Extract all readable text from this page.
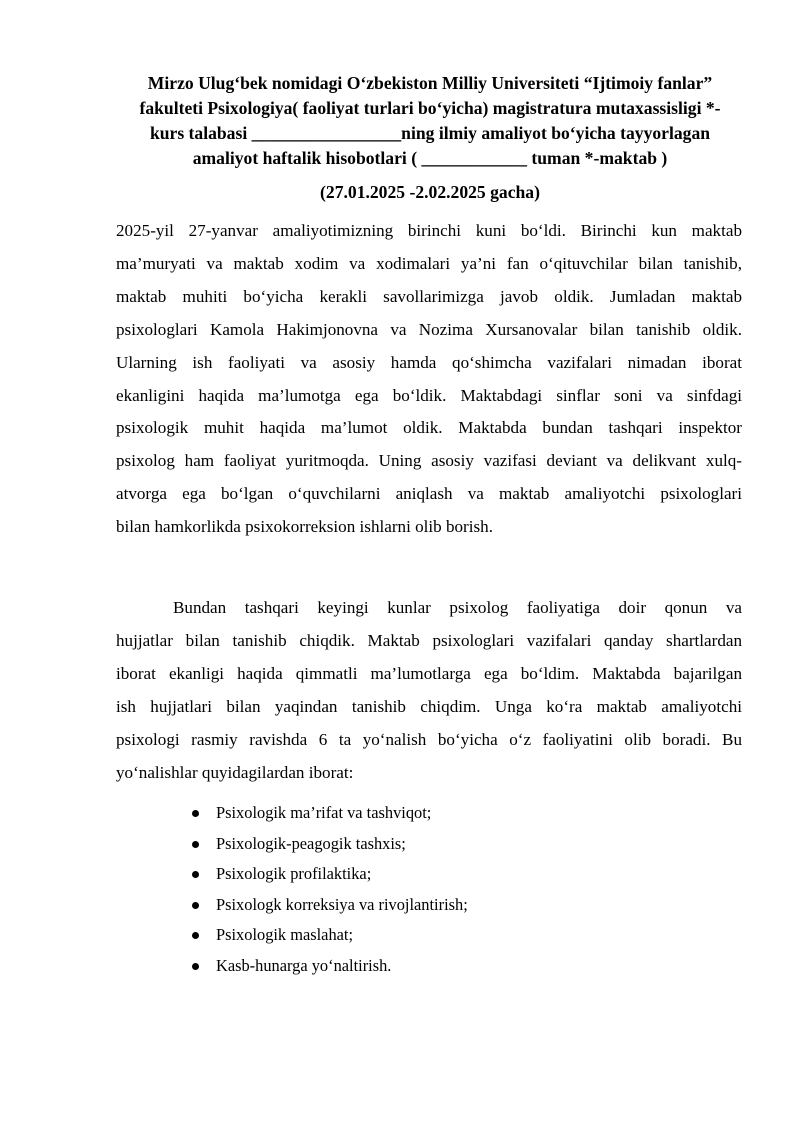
Mirzo Ulug‘bek nomidagi O‘zbekiston Milliy Universiteti “Ijtimoiy fanlar”
fakulteti Psixologiya( faoliyat turlari bo‘yicha) magistratura mutaxassisligi *-
kurs talabasi _________________ning ilmiy amaliyot bo‘yicha tayyorlagan
amaliyot haftalik hisobotlari ( ____________ tuman *-maktab )

(27.01.2025 -2.02.2025 gacha)

2025-yil 27-yanvar amaliyotimizning birinchi kuni bo‘ldi. Birinchi kun maktab
ma’muryati va maktab xodim va xodimalari ya’ni fan o‘qituvchilar bilan tanishib,
maktab muhiti bo‘yicha kerakli savollarimizga javob oldik. Jumladan maktab
psixologlari Kamola Hakimjonovna va Nozima Xursanovalar bilan tanishib oldik.
Ularning ish faoliyati va asosiy hamda qo‘shimcha vazifalari nimadan iborat
ekanligini haqida ma’lumotga ega bo‘ldik. Maktabdagi sinflar soni va sinfdagi
psixologik muhit haqida ma’lumot oldik. Maktabda bundan tashqari inspektor
psixolog ham faoliyat yuritmoqda. Uning asosiy vazifasi deviant va delikvant xulq-
atvorga ega bo‘lgan o‘quvchilarni aniqlash va maktab amaliyotchi psixologlari
bilan hamkorlikda psixokorreksion ishlarni olib borish.

Bundan tashqari keyingi kunlar psixolog faoliyatiga doir qonun va
hujjatlar bilan tanishib chiqdik. Maktab psixologlari vazifalari qanday shartlardan
iborat ekanligi haqida qimmatli ma’lumotlarga ega bo‘ldim. Maktabda bajarilgan
ish hujjatlari bilan yaqindan tanishib chiqdim. Unga ko‘ra maktab amaliyotchi
psixologi rasmiy ravishda 6 ta yo‘nalish bo‘yicha o‘z faoliyatini olib boradi. Bu
yo‘nalishlar quyidagilardan iborat:

Psixologik ma’rifat va tashviqot;
Psixologik-peagogik tashxis;
Psixologik profilaktika;
Psixologk korreksiya va rivojlantirish;
Psixologik maslahat;
Kasb-hunarga yo‘naltirish.
